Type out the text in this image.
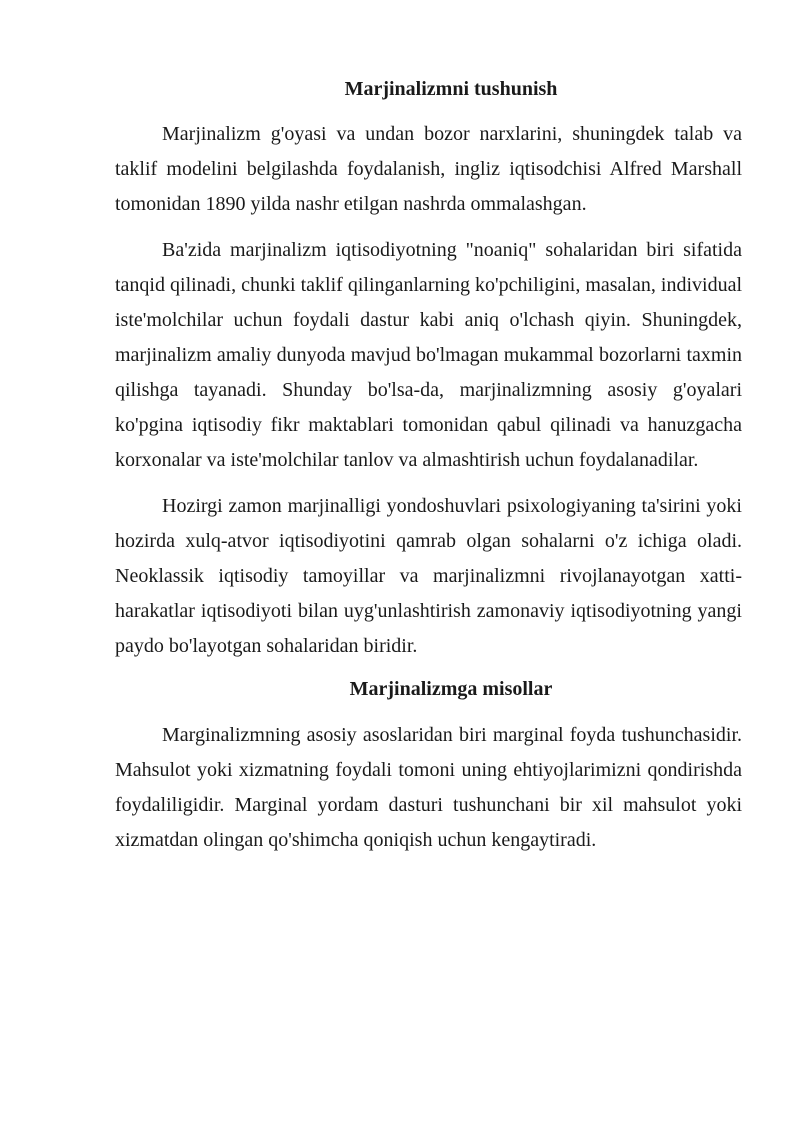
Marjinalizmni tushunish

Marjinalizm g'oyasi va undan bozor narxlarini, shuningdek talab va taklif modelini belgilashda foydalanish, ingliz iqtisodchisi Alfred Marshall tomonidan 1890 yilda nashr etilgan nashrda ommalashgan.

Ba'zida marjinalizm iqtisodiyotning "noaniq" sohalaridan biri sifatida tanqid qilinadi, chunki taklif qilinganlarning ko'pchiligini, masalan, individual iste'molchilar uchun foydali dastur kabi aniq o'lchash qiyin. Shuningdek, marjinalizm amaliy dunyoda mavjud bo'lmagan mukammal bozorlarni taxmin qilishga tayanadi. Shunday bo'lsa-da, marjinalizmning asosiy g'oyalari ko'pgina iqtisodiy fikr maktablari tomonidan qabul qilinadi va hanuzgacha korxonalar va iste'molchilar tanlov va almashtirish uchun foydalanadilar.

Hozirgi zamon marjinalligi yondoshuvlari psixologiyaning ta'sirini yoki hozirda xulq-atvor iqtisodiyotini qamrab olgan sohalarni o'z ichiga oladi. Neoklassik iqtisodiy tamoyillar va marjinalizmni rivojlanayotgan xatti-harakatlar iqtisodiyoti bilan uyg'unlashtirish zamonaviy iqtisodiyotning yangi paydo bo'layotgan sohalaridan biridir.

Marjinalizmga misollar

Marginalizmning asosiy asoslaridan biri marginal foyda tushunchasidir. Mahsulot yoki xizmatning foydali tomoni uning ehtiyojlarimizni qondirishda foydaliligidir. Marginal yordam dasturi tushunchani bir xil mahsulot yoki xizmatdan olingan qo'shimcha qoniqish uchun kengaytiradi.
